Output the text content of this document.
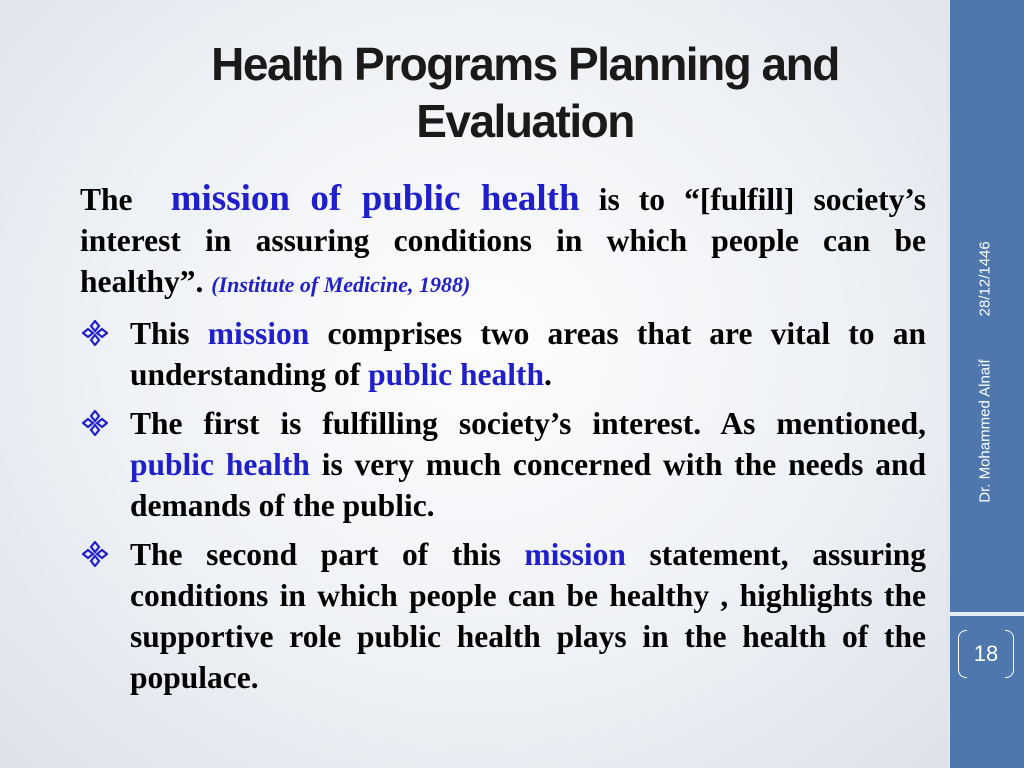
Health Programs Planning and
Evaluation
The mission of public health is to “[fulfill] society’s interest in assuring conditions in which people can be healthy”. (Institute of Medicine, 1988)
This mission comprises two areas that are vital to an understanding of public health.
The first is fulfilling society’s interest. As mentioned, public health is very much concerned with the needs and demands of the public.
The second part of this mission statement, assuring conditions in which people can be healthy , highlights the supportive role public health plays in the health of the populace.
Dr. Mohammed Alnaif
28/12/1446
18
